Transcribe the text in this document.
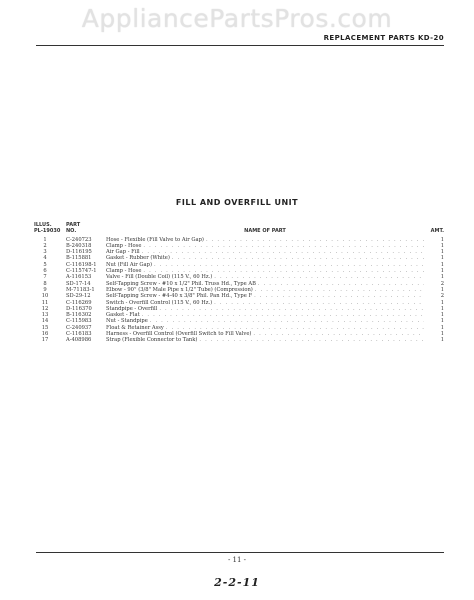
AppliancePartsPros.com
REPLACEMENT PARTS KD-20
FILL AND OVERFILL UNIT
ILLUS.
PL-19030
PART
NO.	NAME OF PART	AMT.
1	C-240723	Hose - Flexible (Fill Valve to Air Gap) . . .	1
2	B-240318	Clamp - Hose . . .	1
3	D-116195	Air Gap - Fill . . .	1
4	B-115881	Gasket - Rubber (White) . . .	1
5	C-116198-1	Nut (Fill Air Gap) . . .	1
6	C-115747-1	Clamp - Hose . . .	1
7	A-116153	Valve - Fill (Double Coil) (115 V., 60 Hz.) . . .	1
8	SD-17-14	Self-Tapping Screw - #10 x 1/2" Phil. Truss Hd., Type AB . . .	2
9	M-71183-1	Elbow - 90° (3/8" Male Pipe x 1/2" Tube) (Compression) . . .	1
10	SD-29-12	Self-Tapping Screw - #4-40 x 3/8" Phil. Pan Hd., Type F . . .	2
11	C-116269	Switch - Overfill Control (115 V., 60 Hz.) . . .	1
12	D-116370	Standpipe - Overfill . . .	1
13	B-116302	Gasket - Flat . . .	1
14	C-115983	Nut - Standpipe . . .	1
15	C-240937	Float & Retainer Assy . . .	1
16	C-116183	Harness - Overfill Control (Overfill Switch to Fill Valve) . . .	1
17	A-408986	Strap (Flexible Connector to Tank) . . .	1
- 11 -
2-2-11
